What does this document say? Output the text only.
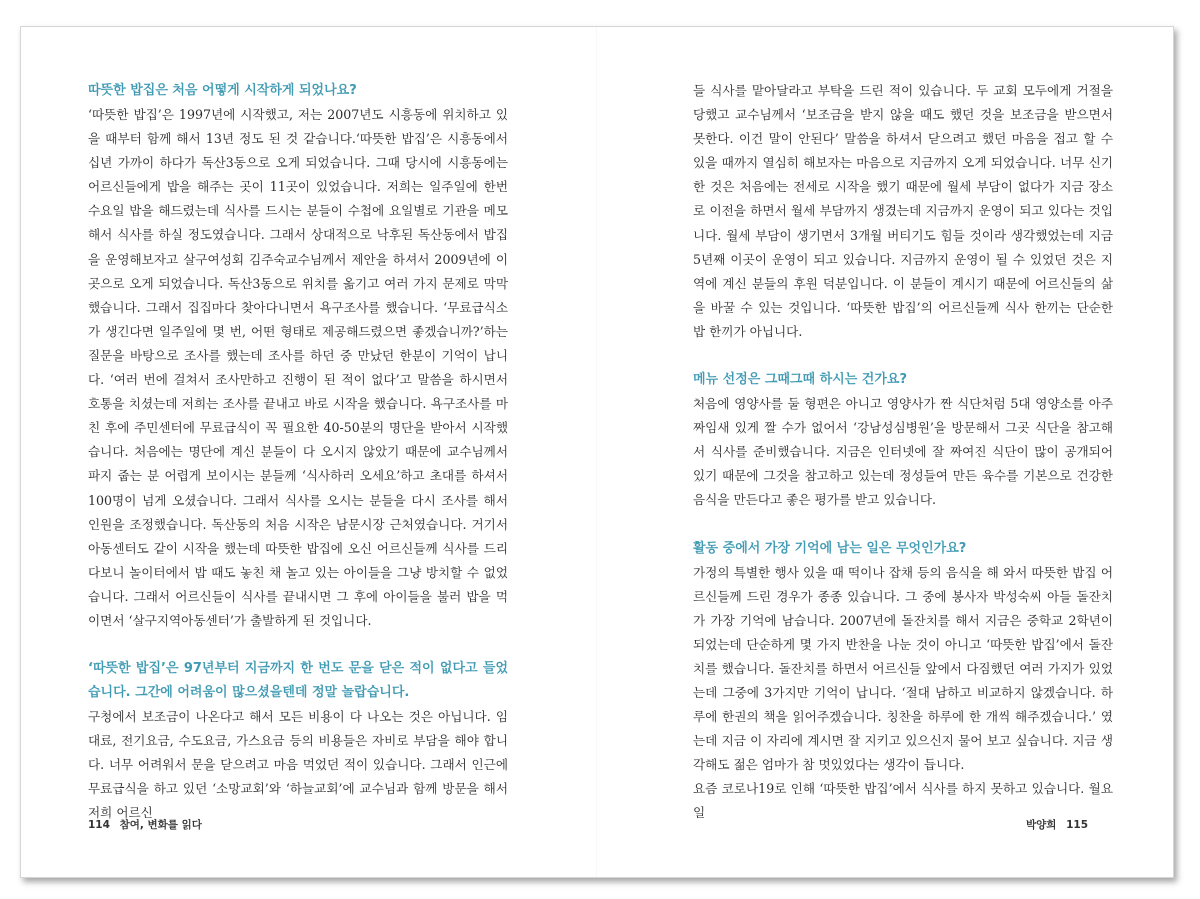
따뜻한 밥집은 처음 어떻게 시작하게 되었나요?

‘따뜻한 밥집’은 1997년에 시작했고, 저는 2007년도 시흥동에 위치하고 있을 때부터 함께 해서 13년 정도 된 것 같습니다.‘따뜻한 밥집’은 시흥동에서 십년 가까이 하다가 독산3동으로 오게 되었습니다. 그때 당시에 시흥동에는 어르신들에게 밥을 해주는 곳이 11곳이 있었습니다. 저희는 일주일에 한번 수요일 밥을 해드렸는데 식사를 드시는 분들이 수첩에 요일별로 기관을 메모해서 식사를 하실 정도였습니다. 그래서 상대적으로 낙후된 독산동에서 밥집을 운영해보자고 살구여성회 김주숙교수님께서 제안을 하셔서 2009년에 이곳으로 오게 되었습니다. 독산3동으로 위치를 옮기고 여러 가지 문제로 막막했습니다. 그래서 집집마다 찾아다니면서 욕구조사를 했습니다. ‘무료급식소가 생긴다면 일주일에 몇 번, 어떤 형태로 제공해드렸으면 좋겠습니까?’하는 질문을 바탕으로 조사를 했는데 조사를 하던 중 만났던 한분이 기억이 납니다. ‘여러 번에 걸쳐서 조사만하고 진행이 된 적이 없다’고 말씀을 하시면서 호통을 치셨는데 저희는 조사를 끝내고 바로 시작을 했습니다. 욕구조사를 마친 후에 주민센터에 무료급식이 꼭 필요한 40-50분의 명단을 받아서 시작했습니다. 처음에는 명단에 계신 분들이 다 오시지 않았기 때문에 교수님께서 파지 줍는 분 어렵게 보이시는 분들께 ‘식사하러 오세요’하고 초대를 하셔서 100명이 넘게 오셨습니다. 그래서 식사를 오시는 분들을 다시 조사를 해서 인원을 조정했습니다. 독산동의 처음 시작은 남문시장 근처였습니다. 거기서 아동센터도 같이 시작을 했는데 따뜻한 밥집에 오신 어르신들께 식사를 드리다보니 놀이터에서 밥 때도 놓친 채 놀고 있는 아이들을 그냥 방치할 수 없었습니다. 그래서 어르신들이 식사를 끝내시면 그 후에 아이들을 불러 밥을 먹이면서 ‘살구지역아동센터’가 출발하게 된 것입니다.

‘따뜻한 밥집’은 97년부터 지금까지 한 번도 문을 닫은 적이 없다고 들었습니다. 그간에 어려움이 많으셨을텐데 정말 놀랍습니다.

구청에서 보조금이 나온다고 해서 모든 비용이 다 나오는 것은 아닙니다. 임대료, 전기요금, 수도요금, 가스요금 등의 비용들은 자비로 부담을 해야 합니다. 너무 어려워서 문을 닫으려고 마음 먹었던 적이 있습니다. 그래서 인근에 무료급식을 하고 있던 ‘소망교회’와 ‘하늘교회’에 교수님과 함께 방문을 해서 저희 어르신

114 참여, 변화를 읽다

들 식사를 맡아달라고 부탁을 드린 적이 있습니다. 두 교회 모두에게 거절을 당했고 교수님께서 ‘보조금을 받지 않을 때도 했던 것을 보조금을 받으면서 못한다. 이건 말이 안된다’ 말씀을 하셔서 닫으려고 했던 마음을 접고 할 수 있을 때까지 열심히 해보자는 마음으로 지금까지 오게 되었습니다. 너무 신기한 것은 처음에는 전세로 시작을 했기 때문에 월세 부담이 없다가 지금 장소로 이전을 하면서 월세 부담까지 생겼는데 지금까지 운영이 되고 있다는 것입니다. 월세 부담이 생기면서 3개월 버티기도 힘들 것이라 생각했었는데 지금 5년째 이곳이 운영이 되고 있습니다. 지금까지 운영이 될 수 있었던 것은 지역에 계신 분들의 후원 덕분입니다. 이 분들이 계시기 때문에 어르신들의 삶을 바꿀 수 있는 것입니다. ‘따뜻한 밥집’의 어르신들께 식사 한끼는 단순한 밥 한끼가 아닙니다.

메뉴 선정은 그때그때 하시는 건가요?

처음에 영양사를 둘 형편은 아니고 영양사가 짠 식단처럼 5대 영양소를 아주 짜임새 있게 짤 수가 없어서 ‘강남성심병원’을 방문해서 그곳 식단을 참고해서 식사를 준비했습니다. 지금은 인터넷에 잘 짜여진 식단이 많이 공개되어 있기 때문에 그것을 참고하고 있는데 정성들여 만든 육수를 기본으로 건강한 음식을 만든다고 좋은 평가를 받고 있습니다.

활동 중에서 가장 기억에 남는 일은 무엇인가요?

가정의 특별한 행사 있을 때 떡이나 잡채 등의 음식을 해 와서 따뜻한 밥집 어르신들께 드린 경우가 종종 있습니다. 그 중에 봉사자 박성숙씨 아들 돌잔치가 가장 기억에 남습니다. 2007년에 돌잔치를 해서 지금은 중학교 2학년이 되었는데 단순하게 몇 가지 반찬을 나눈 것이 아니고 ‘따뜻한 밥집’에서 돌잔치를 했습니다. 돌잔치를 하면서 어르신들 앞에서 다짐했던 여러 가지가 있었는데 그중에 3가지만 기억이 납니다. ‘절대 남하고 비교하지 않겠습니다. 하루에 한권의 책을 읽어주겠습니다. 칭찬을 하루에 한 개씩 해주겠습니다.’ 였는데 지금 이 자리에 계시면 잘 지키고 있으신지 물어 보고 싶습니다. 지금 생각해도 젊은 엄마가 참 멋있었다는 생각이 듭니다.

요즘 코로나19로 인해 ‘따뜻한 밥집’에서 식사를 하지 못하고 있습니다. 월요일

박양희 115
